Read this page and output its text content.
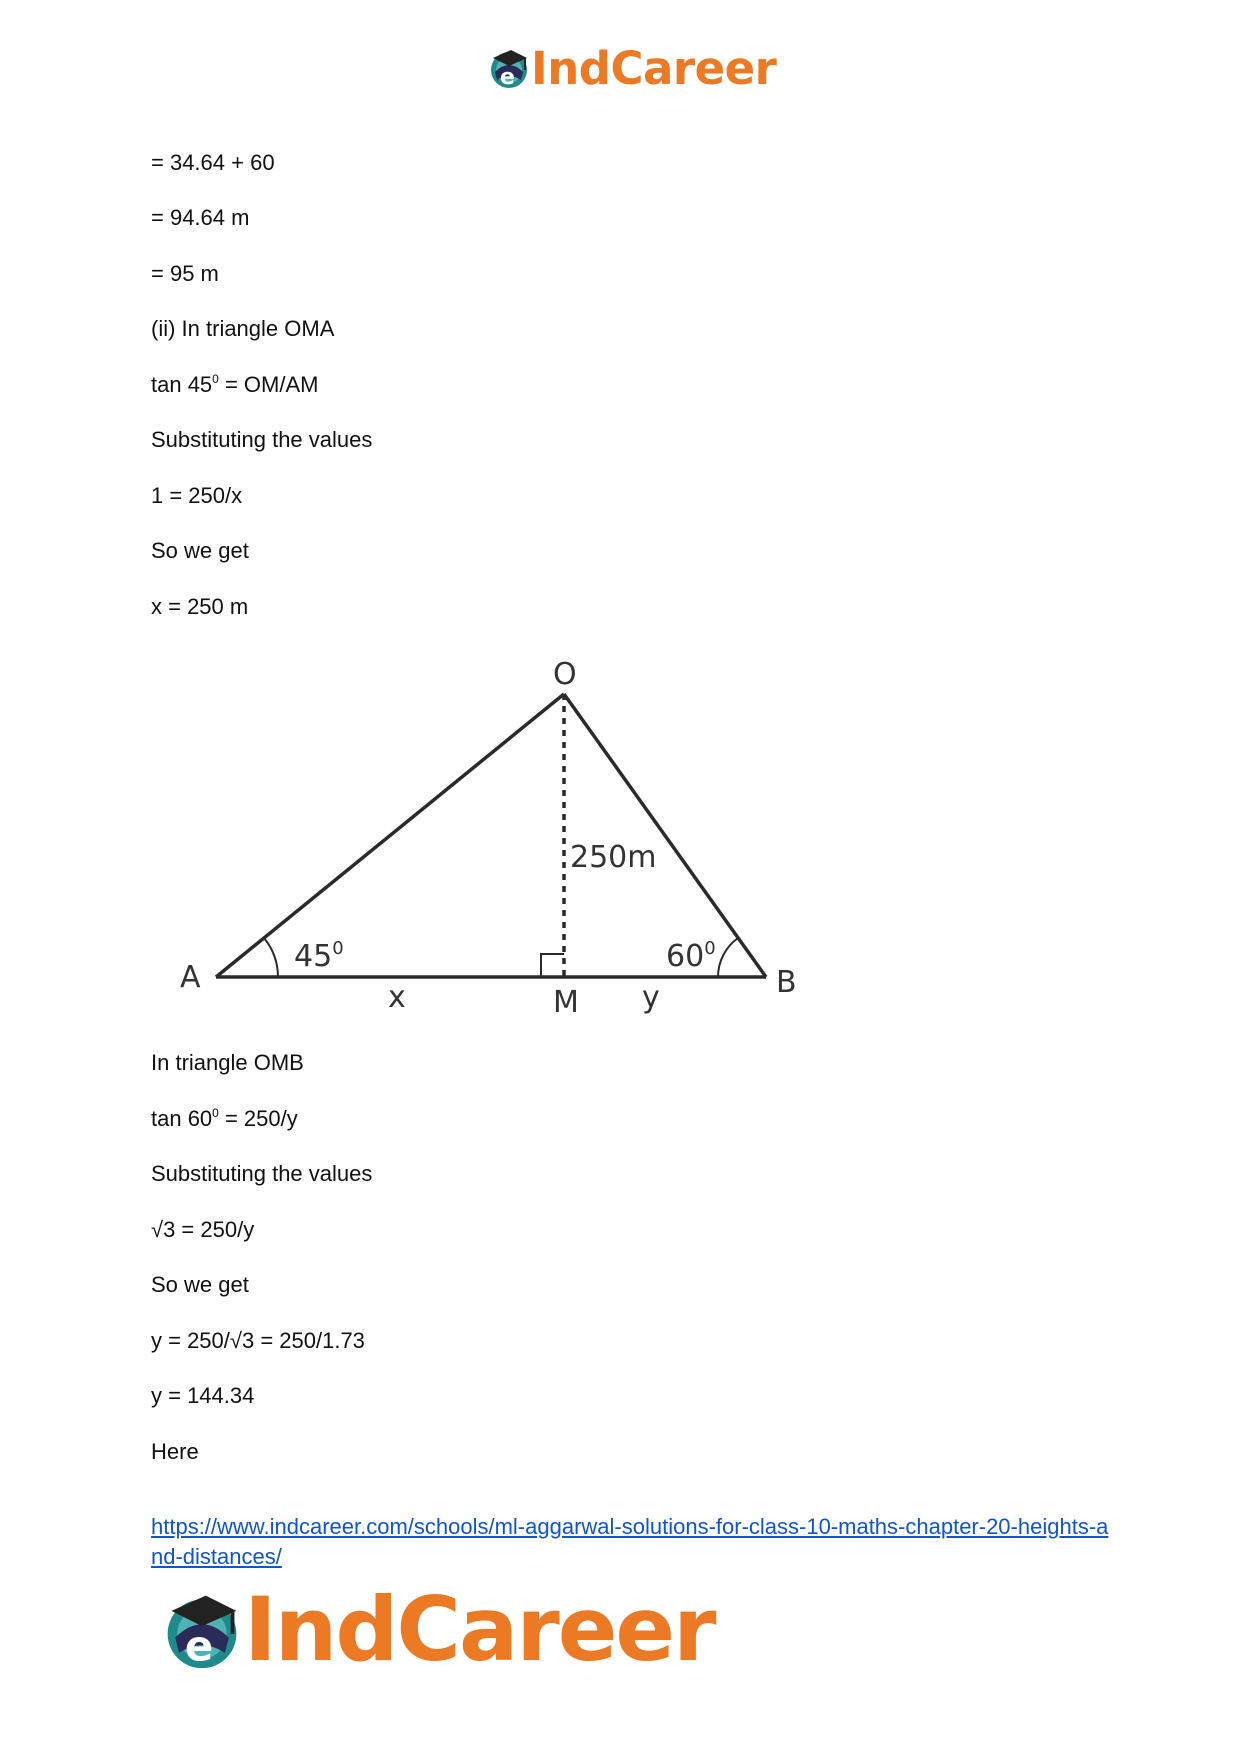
e IndCareer
= 34.64 + 60
= 94.64 m
= 95 m
(ii) In triangle OMA
$\tan 45^0 = OM/AM$
Substituting the values
1 = 250/x
So we get
x = 250 m
O
A	B
M
x	y
250m
$45^0$	$60^0$
In triangle OMB
$\tan 60^0 = 250/y$
Substituting the values
√3 = 250/y
So we get
y = 250/√3 = 250/1.73
y = 144.34
Here
https://www.indcareer.com/schools/ml-aggarwal-solutions-for-class-10-maths-chapter-20-heights-and-distances/
e IndCareer
